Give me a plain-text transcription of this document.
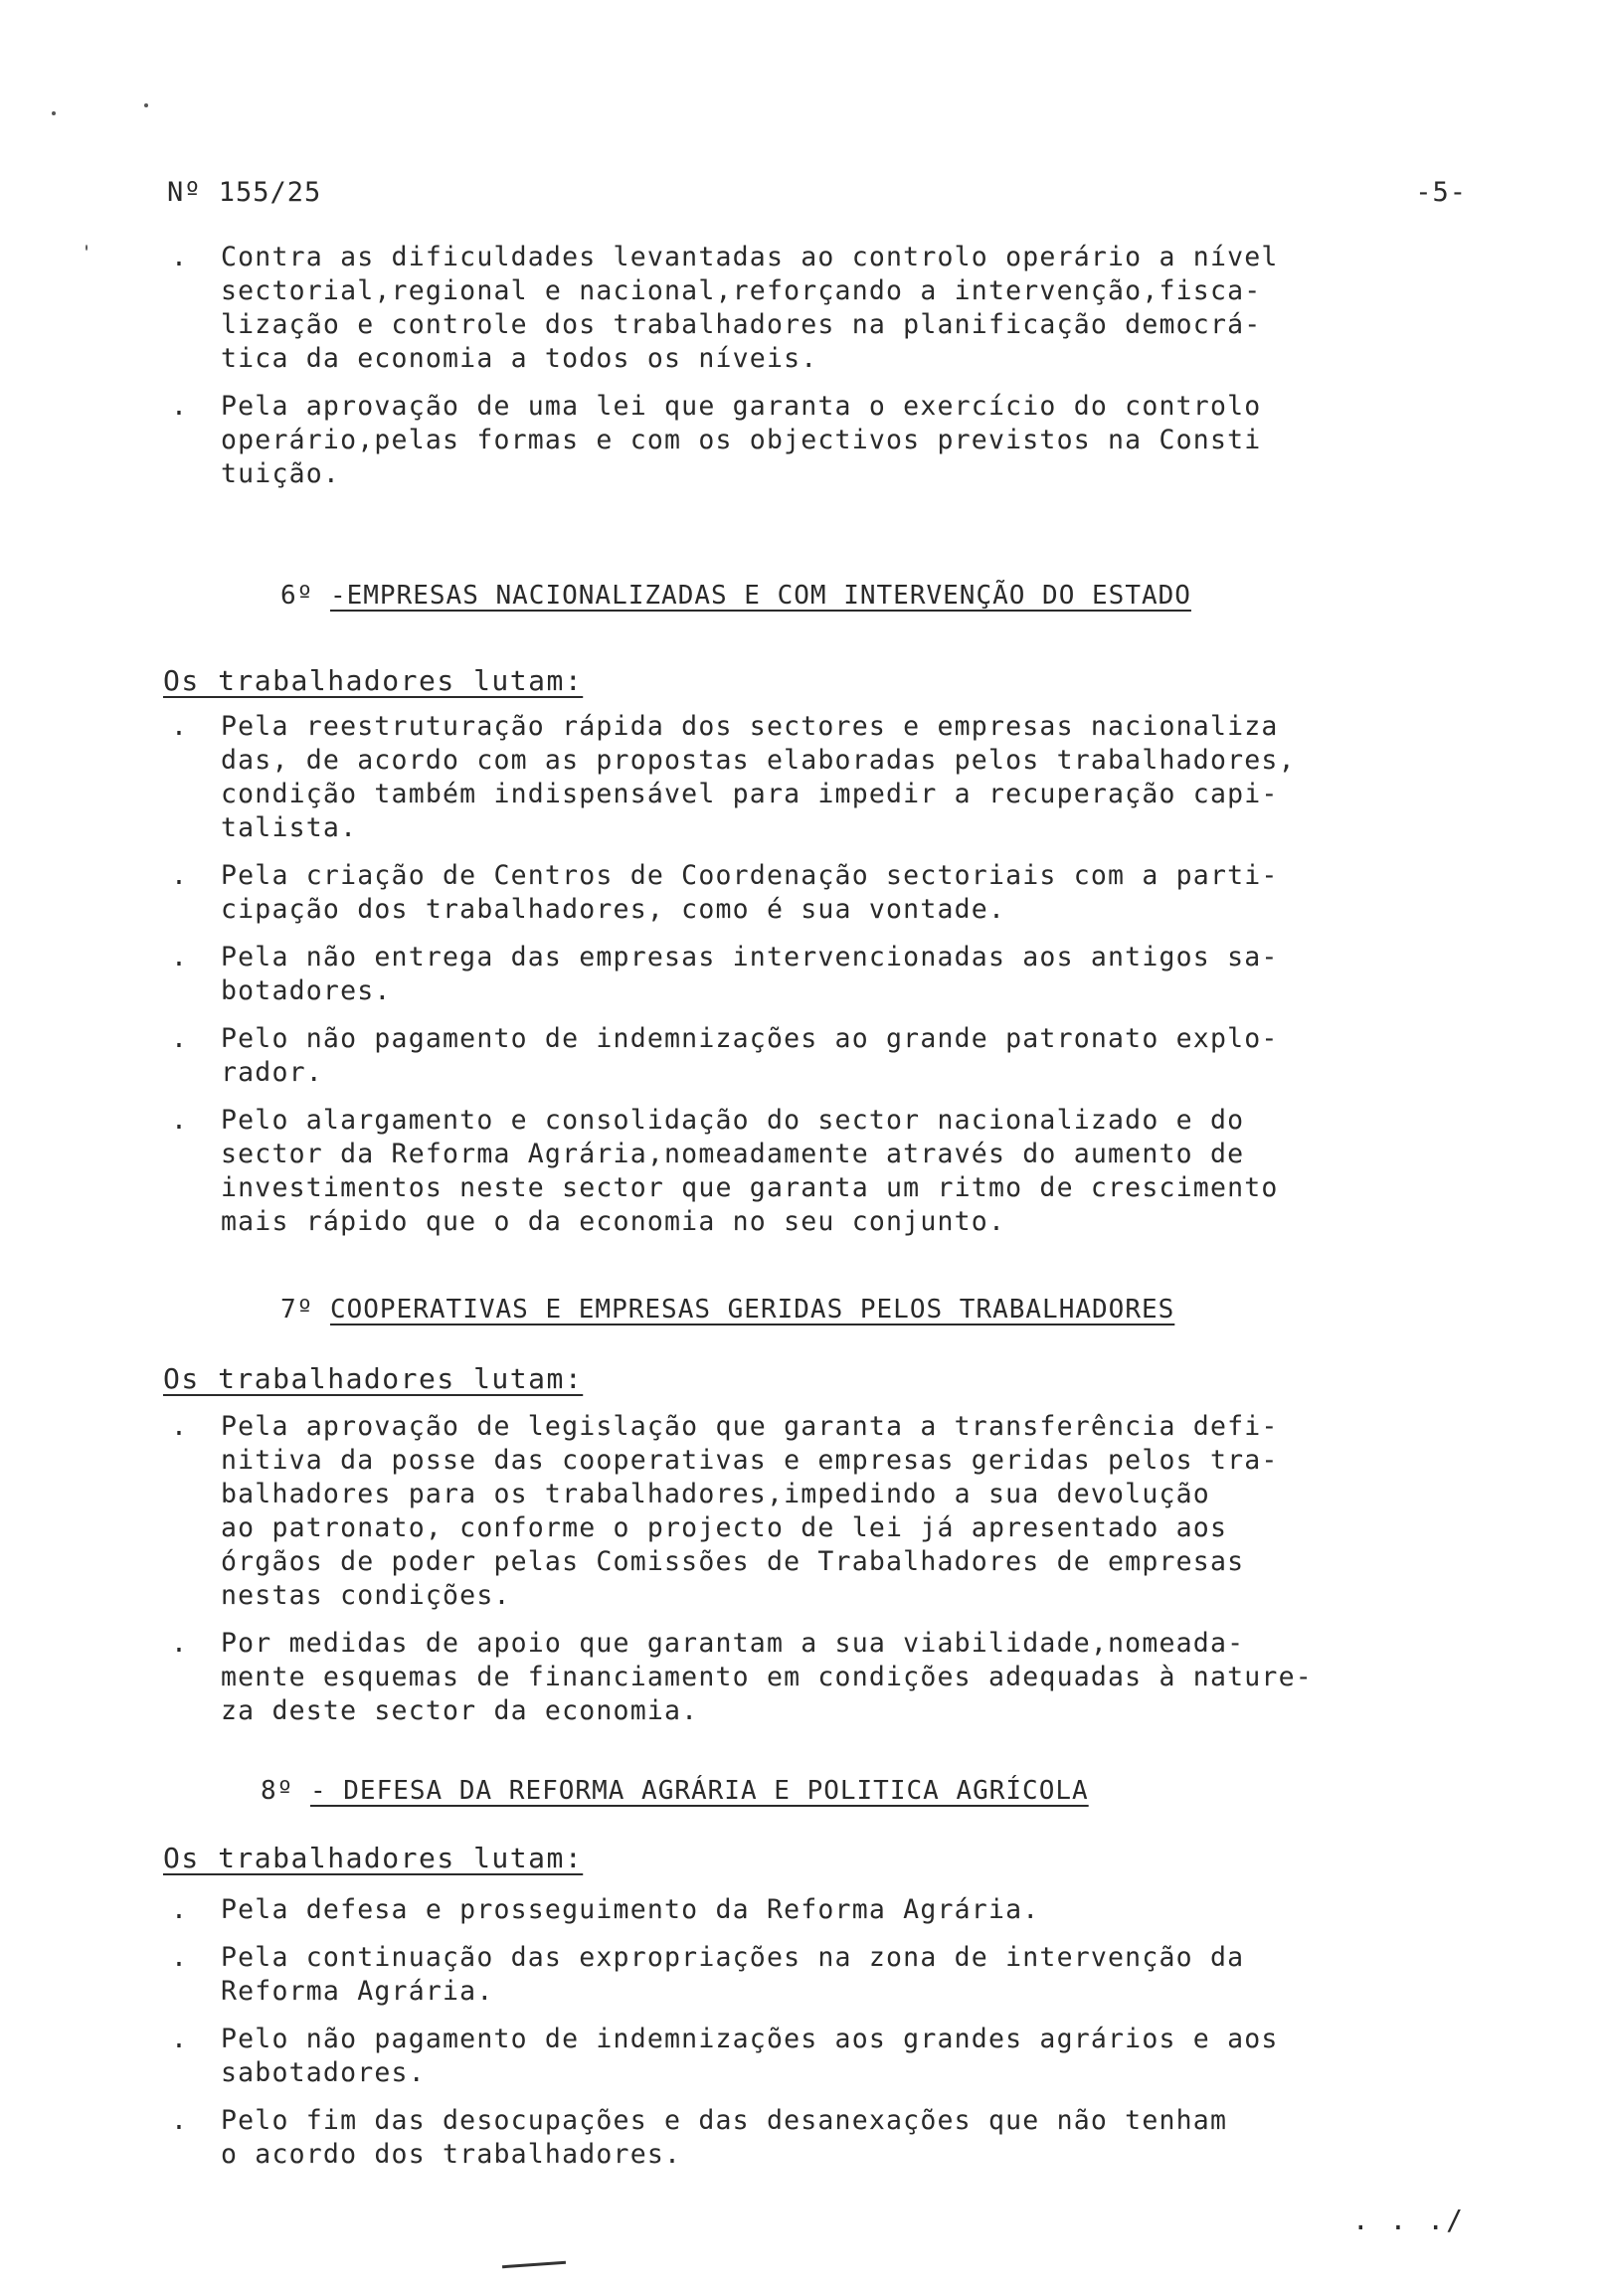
Nº 155/25	-5-
. Contra as dificuldades levantadas ao controlo operário a nível
sectorial,regional e nacional,reforçando a intervenção,fisca-
lização e controle dos trabalhadores na planificação democrá-
tica da economia a todos os níveis.

. Pela aprovação de uma lei que garanta o exercício do controlo
operário,pelas formas e com os objectivos previstos na Consti
tuição.

6º -EMPRESAS NACIONALIZADAS E COM INTERVENÇÃO DO ESTADO
Os trabalhadores lutam:
. Pela reestruturação rápida dos sectores e empresas nacionaliza
das, de acordo com as propostas elaboradas pelos trabalhadores,
condição também indispensável para impedir a recuperação capi-
talista.

. Pela criação de Centros de Coordenação sectoriais com a parti-
cipação dos trabalhadores, como é sua vontade.

. Pela não entrega das empresas intervencionadas aos antigos sa-
botadores.

. Pelo não pagamento de indemnizações ao grande patronato explo-
rador.

. Pelo alargamento e consolidação do sector nacionalizado e do
sector da Reforma Agrária,nomeadamente através do aumento de
investimentos neste sector que garanta um ritmo de crescimento
mais rápido que o da economia no seu conjunto.

7º COOPERATIVAS E EMPRESAS GERIDAS PELOS TRABALHADORES
Os trabalhadores lutam:
. Pela aprovação de legislação que garanta a transferência defi-
nitiva da posse das cooperativas e empresas geridas pelos tra-
balhadores para os trabalhadores,impedindo a sua devolução
ao patronato, conforme o projecto de lei já apresentado aos
órgãos de poder pelas Comissões de Trabalhadores de empresas
nestas condições.

. Por medidas de apoio que garantam a sua viabilidade,nomeada-
mente esquemas de financiamento em condições adequadas à nature-
za deste sector da economia.

8º - DEFESA DA REFORMA AGRÁRIA E POLITICA AGRÍCOLA
Os trabalhadores lutam:
. Pela defesa e prosseguimento da Reforma Agrária.

. Pela continuação das expropriações na zona de intervenção da
Reforma Agrária.

. Pelo não pagamento de indemnizações aos grandes agrários e aos
sabotadores.

. Pelo fim das desocupações e das desanexações que não tenham
o acordo dos trabalhadores.

. . ./
